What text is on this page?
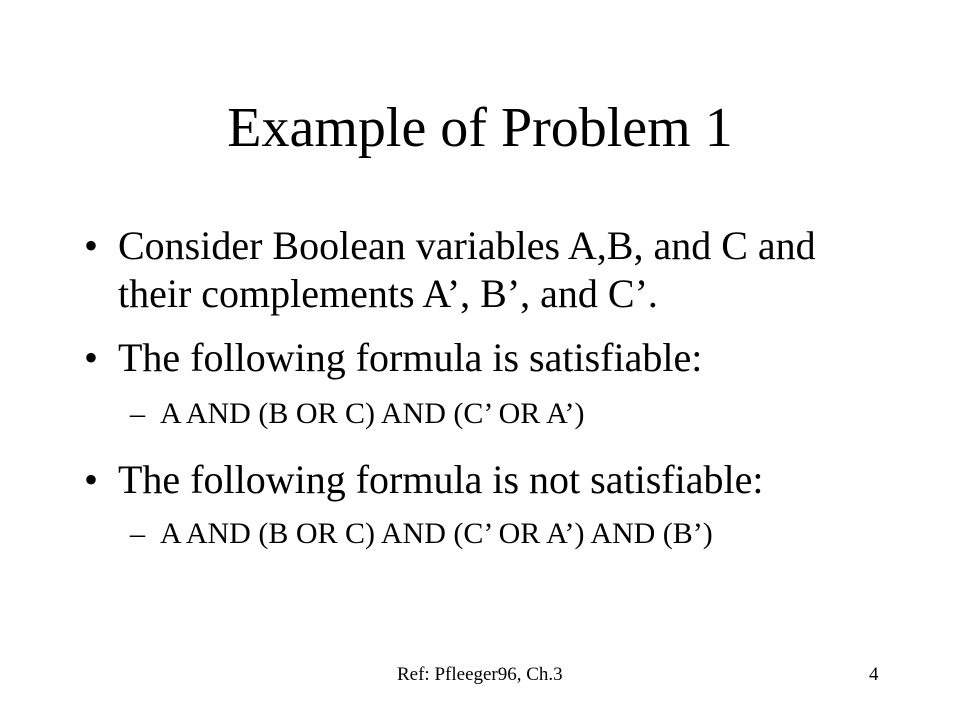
Example of Problem 1
• Consider Boolean variables A,B, and C and their complements A’, B’, and C’.
• The following formula is satisfiable:
– A AND (B OR C) AND (C’ OR A’)
• The following formula is not satisfiable:
– A AND (B OR C) AND (C’ OR A’) AND (B’)
Ref: Pfleeger96, Ch.3	4
